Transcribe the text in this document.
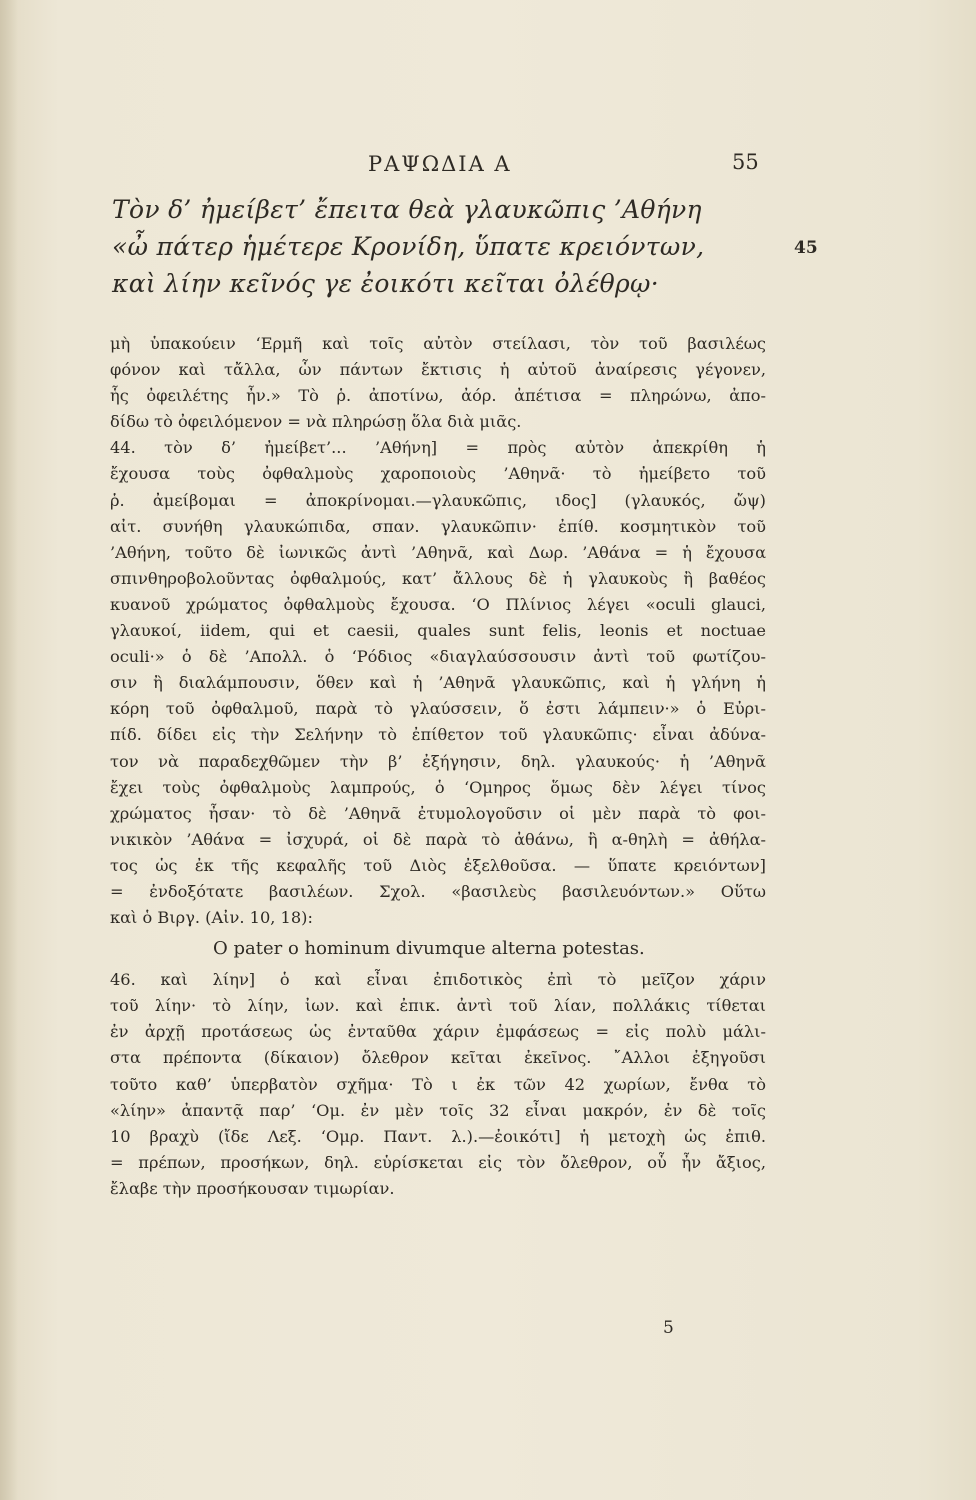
ΡΑΨΩΔΙΑ Α	55
Τὸν δ’ ἠμείβετ’ ἔπειτα θεὰ γλαυκῶπις ’Αθήνη
«ὦ πάτερ ἡμέτερε Κρονίδη, ὕπατε κρειόντων,
καὶ λίην κεῖνός γε ἐοικότι κεῖται ὀλέθρῳ·
45
μὴ ὑπακούειν ‘Ερμῆ καὶ τοῖς αὐτὸν στείλασι, τὸν τοῦ βασιλέως
φόνον καὶ τἄλλα, ὧν πάντων ἔκτισις ἡ αὐτοῦ ἀναίρεσις γέγονεν,
ἧς ὀφειλέτης ἦν.» Τὸ ῥ. ἀποτίνω, ἀόρ. ἀπέτισα = πληρώνω, ἀπο-
δίδω τὸ ὀφειλόμενον = νὰ πληρώσῃ ὅλα διὰ μιᾶς.
44. τὸν δ’ ἠμείβετ’... ’Αθήνη] = πρὸς αὐτὸν ἀπεκρίθη ἡ
ἔχουσα τοὺς ὀφθαλμοὺς χαροποιοὺς ’Αθηνᾶ· τὸ ἠμείβετο τοῦ
ῥ. ἀμείβομαι = ἀποκρίνομαι.—γλαυκῶπις, ιδος] (γλαυκός, ὤψ)
αἰτ. συνήθη γλαυκώπιδα, σπαν. γλαυκῶπιν· ἐπίθ. κοσμητικὸν τοῦ
’Αθήνη, τοῦτο δὲ ἰωνικῶς ἀντὶ ’Αθηνᾶ, καὶ Δωρ. ’Αθάνα = ἡ ἔχουσα
σπινθηροβολοῦντας ὀφθαλμούς, κατ’ ἄλλους δὲ ἡ γλαυκοὺς ἢ βαθέος
κυανοῦ χρώματος ὀφθαλμοὺς ἔχουσα. ‘Ο Πλίνιος λέγει «oculi glauci,
γλαυκοί, iidem, qui et caesii, quales sunt felis, leonis et noctuae
oculi·» ὁ δὲ ’Απολλ. ὁ ‘Ρόδιος «διαγλαύσσουσιν ἀντὶ τοῦ φωτίζου-
σιν ἢ διαλάμπουσιν, ὅθεν καὶ ἡ ’Αθηνᾶ γλαυκῶπις, καὶ ἡ γλήνη ἡ
κόρη τοῦ ὀφθαλμοῦ, παρὰ τὸ γλαύσσειν, ὅ ἐστι λάμπειν·» ὁ Εὐρι-
πίδ. δίδει εἰς τὴν Σελήνην τὸ ἐπίθετον τοῦ γλαυκῶπις· εἶναι ἀδύνα-
τον νὰ παραδεχθῶμεν τὴν β’ ἐξήγησιν, δηλ. γλαυκούς· ἡ ’Αθηνᾶ
ἔχει τοὺς ὀφθαλμοὺς λαμπρούς, ὁ ‘Ομηρος ὅμως δὲν λέγει τίνος
χρώματος ἦσαν· τὸ δὲ ’Αθηνᾶ ἐτυμολογοῦσιν οἱ μὲν παρὰ τὸ φοι-
νικικὸν ’Αθάνα = ἰσχυρά, οἱ δὲ παρὰ τὸ ἀθάνω, ἢ α-θηλὴ = ἀθήλα-
τος ὡς ἐκ τῆς κεφαλῆς τοῦ Διὸς ἐξελθοῦσα. — ὕπατε κρειόντων]
= ἐνδοξότατε βασιλέων. Σχολ. «βασιλεὺς βασιλευόντων.» Οὕτω
καὶ ὁ Βιργ. (Αἰν. 10, 18):
O pater o hominum divumque alterna potestas.
46. καὶ λίην] ὁ καὶ εἶναι ἐπιδοτικὸς ἐπὶ τὸ μεῖζον χάριν
τοῦ λίην· τὸ λίην, ἰων. καὶ ἐπικ. ἀντὶ τοῦ λίαν, πολλάκις τίθεται
ἐν ἀρχῇ προτάσεως ὡς ἐνταῦθα χάριν ἐμφάσεως = εἰς πολὺ μάλι-
στα πρέποντα (δίκαιον) ὄλεθρον κεῖται ἐκεῖνος. ῎Αλλοι ἐξηγοῦσι
τοῦτο καθ’ ὑπερβατὸν σχῆμα· Τὸ ι ἐκ τῶν 42 χωρίων, ἔνθα τὸ
«λίην» ἀπαντᾷ παρ’ ‘Ομ. ἐν μὲν τοῖς 32 εἶναι μακρόν, ἐν δὲ τοῖς
10 βραχὺ (ἴδε Λεξ. ‘Ομρ. Παντ. λ.).—ἐοικότι] ἡ μετοχὴ ὡς ἐπιθ.
= πρέπων, προσήκων, δηλ. εὑρίσκεται εἰς τὸν ὄλεθρον, οὗ ἦν ἄξιος,
ἔλαβε τὴν προσήκουσαν τιμωρίαν.
5
